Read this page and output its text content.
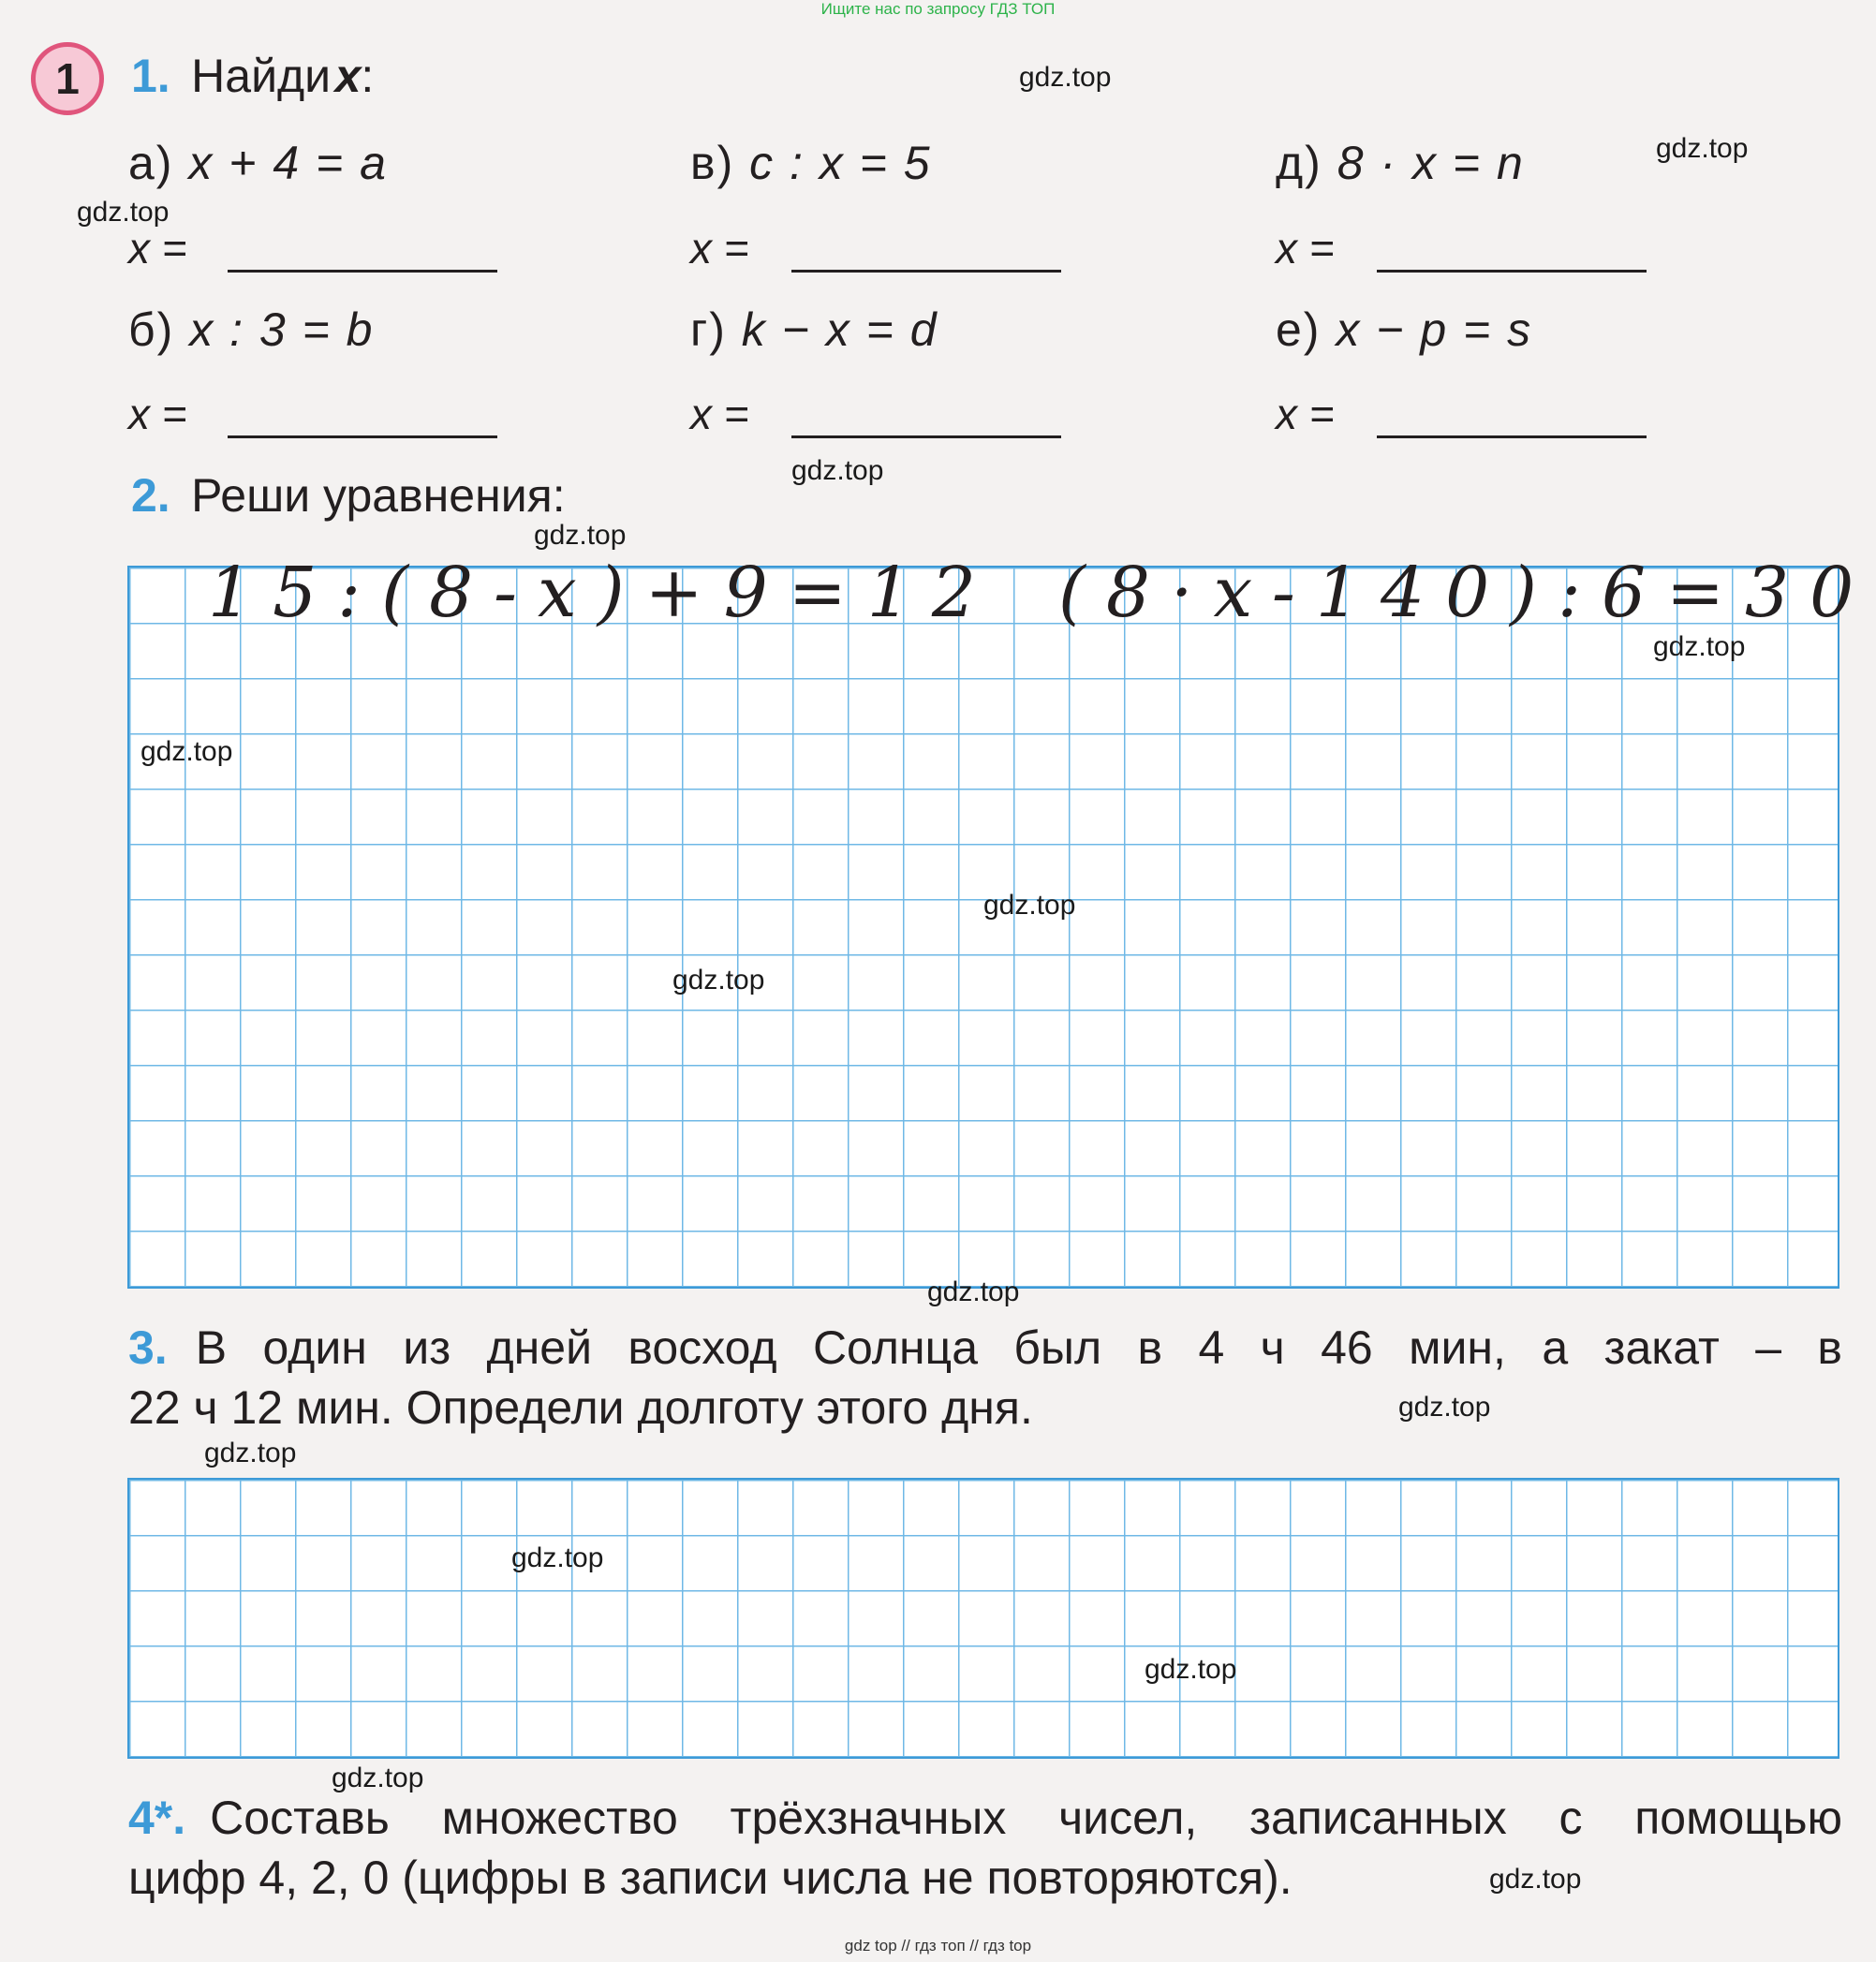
Ищите нас по запросу ГДЗ ТОП
1 1. Найди x:
а) x + 4 = a	в) c : x = 5	д) 8 · x = n
x =	x =	x =
б) x : 3 = b	г) k − x = d	е) x − p = s
x =	x =	x =
2. Реши уравнения:
15:(8-x)+9=12 (8·x-140):6=30
3. В один из дней восход Солнца был в 4 ч 46 мин, а закат – в
22 ч 12 мин. Определи долготу этого дня.
4*. Составь множество трёхзначных чисел, записанных с помощью
цифр 4, 2, 0 (цифры в записи числа не повторяются).
gdz.top
gdz.top
gdz.top
gdz.top
gdz.top
gdz.top
gdz.top
gdz.top
gdz.top
gdz.top
gdz.top
gdz.top
gdz.top
gdz.top
gdz.top
gdz.top
gdz top // гдз топ // гдз top
